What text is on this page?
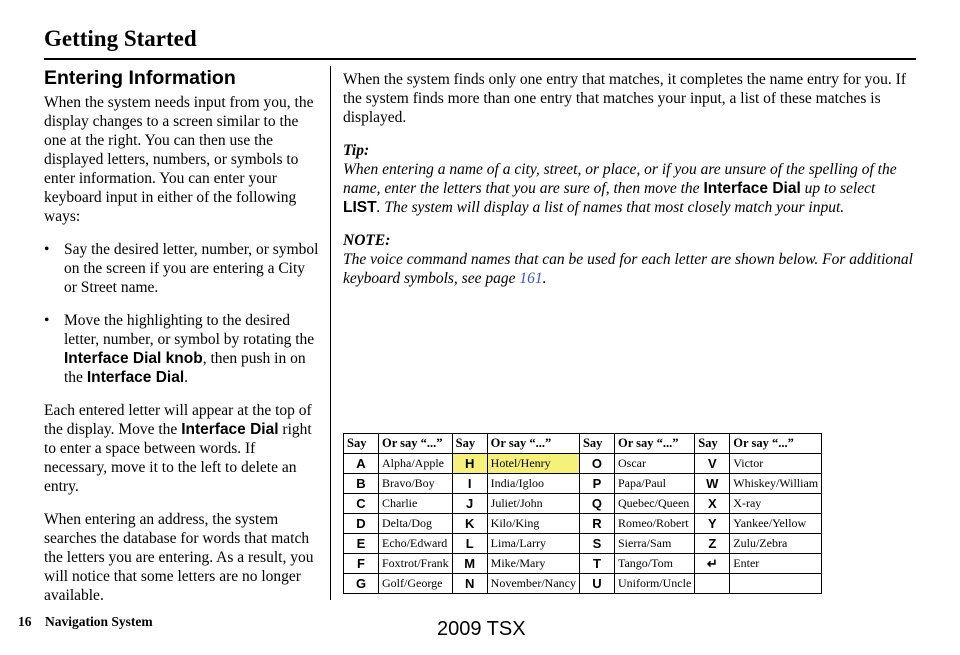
Getting Started
Entering Information

When the system needs input from you, the display changes to a screen similar to the one at the right. You can then use the displayed letters, numbers, or symbols to enter information. You can enter your keyboard input in either of the following ways:

• Say the desired letter, number, or symbol on the screen if you are entering a City or Street name.
• Move the highlighting to the desired letter, number, or symbol by rotating the Interface Dial knob, then push in on the Interface Dial.

Each entered letter will appear at the top of the display. Move the Interface Dial right to enter a space between words. If necessary, move it to the left to delete an entry.

When entering an address, the system searches the database for words that match the letters you are entering. As a result, you will notice that some letters are no longer available.

When the system finds only one entry that matches, it completes the name entry for you. If the system finds more than one entry that matches your input, a list of these matches is displayed.

Tip:

When entering a name of a city, street, or place, or if you are unsure of the spelling of the name, enter the letters that you are sure of, then move the Interface Dial up to select LIST. The system will display a list of names that most closely match your input.

NOTE:

The voice command names that can be used for each letter are shown below. For additional keyboard symbols, see page 161.

Say	Or say “...”	Say	Or say “...”	Say	Or say “...”	Say	Or say “...”
A	Alpha/Apple	H	Hotel/Henry	O	Oscar	V	Victor
B	Bravo/Boy	I	India/Igloo	P	Papa/Paul	W	Whiskey/William
C	Charlie	J	Juliet/John	Q	Quebec/Queen	X	X-ray
D	Delta/Dog	K	Kilo/King	R	Romeo/Robert	Y	Yankee/Yellow
E	Echo/Edward	L	Lima/Larry	S	Sierra/Sam	Z	Zulu/Zebra
F	Foxtrot/Frank	M	Mike/Mary	T	Tango/Tom	↵	Enter
G	Golf/George	N	November/Nancy	U	Uniform/Uncle		
16 Navigation System	2009 TSX
